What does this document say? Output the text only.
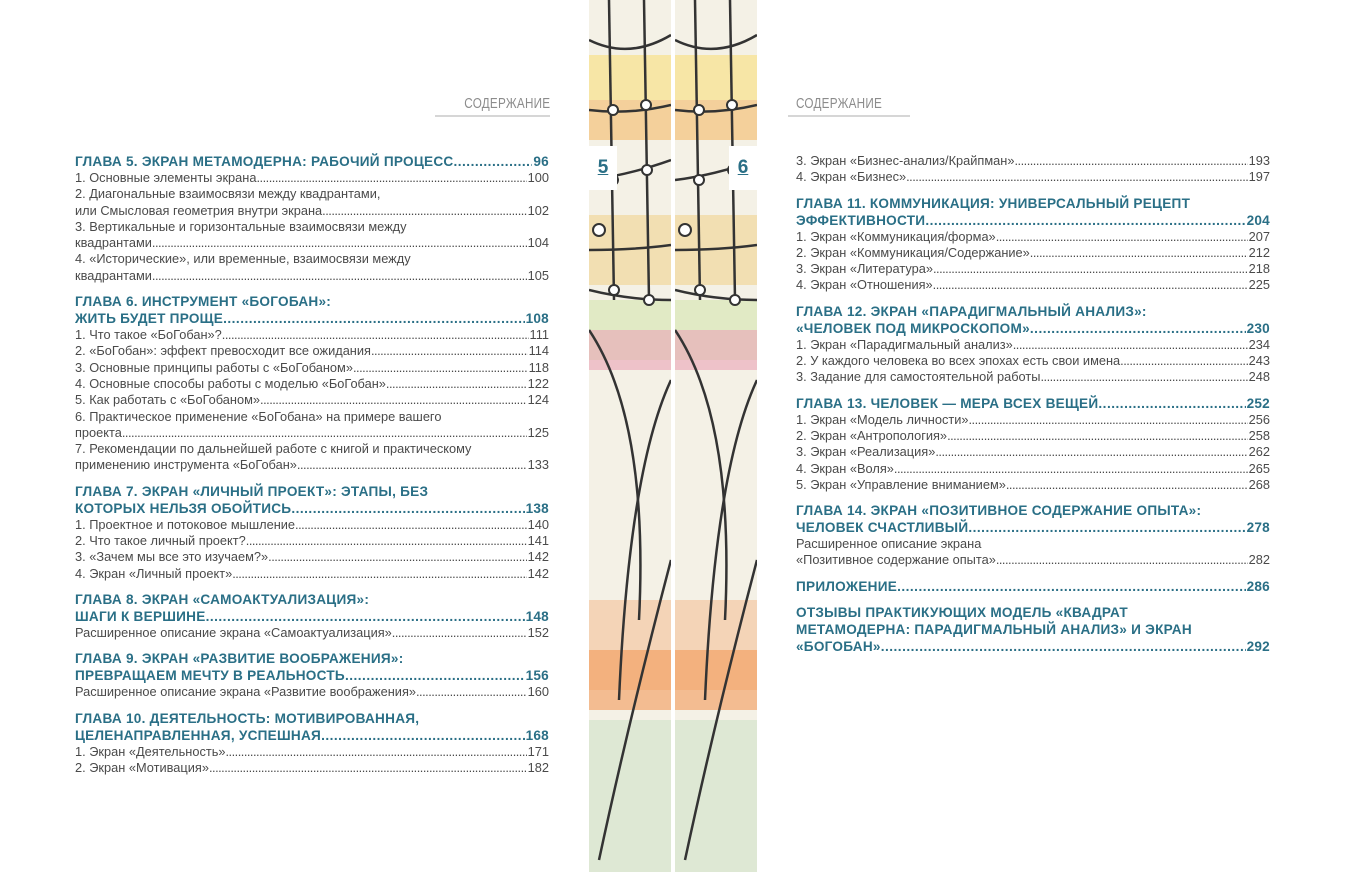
СОДЕРЖАНИЕ
ГЛАВА 5. ЭКРАН МЕТАМОДЕРНА: РАБОЧИЙ ПРОЦЕСС .....	96
1. Основные элементы экрана .....	100
2. Диагональные взаимосвязи между квадрантами,
или Смысловая геометрия внутри экрана .....	102
3. Вертикальные и горизонтальные взаимосвязи между
квадрантами .....	104
4. «Исторические», или временные, взаимосвязи между
квадрантами .....	105
ГЛАВА 6. ИНСТРУМЕНТ «БОГОБАН»:
ЖИТЬ БУДЕТ ПРОЩЕ .....	108
1. Что такое «БоГобан»? .....	111
2. «БоГобан»: эффект превосходит все ожидания .....	114
3. Основные принципы работы с «БоГобаном» .....	118
4. Основные способы работы с моделью «БоГобан» .....	122
5. Как работать с «БоГобаном» .....	124
6. Практическое применение «БоГобана» на примере вашего
проекта .....	125
7. Рекомендации по дальнейшей работе с книгой и практическому
применению инструмента «БоГобан» .....	133
ГЛАВА 7. ЭКРАН «ЛИЧНЫЙ ПРОЕКТ»: ЭТАПЫ, БЕЗ
КОТОРЫХ НЕЛЬЗЯ ОБОЙТИСЬ .....	138
1. Проектное и потоковое мышление .....	140
2. Что такое личный проект? .....	141
3. «Зачем мы все это изучаем?» .....	142
4. Экран «Личный проект» .....	142
ГЛАВА 8. ЭКРАН «САМОАКТУАЛИЗАЦИЯ»:
ШАГИ К ВЕРШИНЕ .....	148
Расширенное описание экрана «Самоактуализация» .....	152
ГЛАВА 9. ЭКРАН «РАЗВИТИЕ ВООБРАЖЕНИЯ»:
ПРЕВРАЩАЕМ МЕЧТУ В РЕАЛЬНОСТЬ .....	156
Расширенное описание экрана «Развитие воображения» .....	160
ГЛАВА 10. ДЕЯТЕЛЬНОСТЬ: МОТИВИРОВАННАЯ,
ЦЕЛЕНАПРАВЛЕННАЯ, УСПЕШНАЯ .....	168
1. Экран «Деятельность» .....	171
2. Экран «Мотивация» .....	182
5	6
СОДЕРЖАНИЕ
3. Экран «Бизнес-анализ/Крайпман» .....	193
4. Экран «Бизнес» .....	197
ГЛАВА 11. КОММУНИКАЦИЯ: УНИВЕРСАЛЬНЫЙ РЕЦЕПТ
ЭФФЕКТИВНОСТИ .....	204
1. Экран «Коммуникация/форма» .....	207
2. Экран «Коммуникация/Содержание» .....	212
3. Экран «Литература» .....	218
4. Экран «Отношения» .....	225
ГЛАВА 12. ЭКРАН «ПАРАДИГМАЛЬНЫЙ АНАЛИЗ»:
«ЧЕЛОВЕК ПОД МИКРОСКОПОМ» .....	230
1. Экран «Парадигмальный анализ» .....	234
2. У каждого человека во всех эпохах есть свои имена .....	243
3. Задание для самостоятельной работы .....	248
ГЛАВА 13. ЧЕЛОВЕК — МЕРА ВСЕХ ВЕЩЕЙ .....	252
1. Экран «Модель личности» .....	256
2. Экран «Антропология» .....	258
3. Экран «Реализация» .....	262
4. Экран «Воля» .....	265
5. Экран «Управление вниманием» .....	268
ГЛАВА 14. ЭКРАН «ПОЗИТИВНОЕ СОДЕРЖАНИЕ ОПЫТА»:
ЧЕЛОВЕК СЧАСТЛИВЫЙ .....	278
Расширенное описание экрана
«Позитивное содержание опыта» .....	282
ПРИЛОЖЕНИЕ .....	286
ОТЗЫВЫ ПРАКТИКУЮЩИХ МОДЕЛЬ «КВАДРАТ
МЕТАМОДЕРНА: ПАРАДИГМАЛЬНЫЙ АНАЛИЗ» И ЭКРАН
«БОГОБАН» .....	292
